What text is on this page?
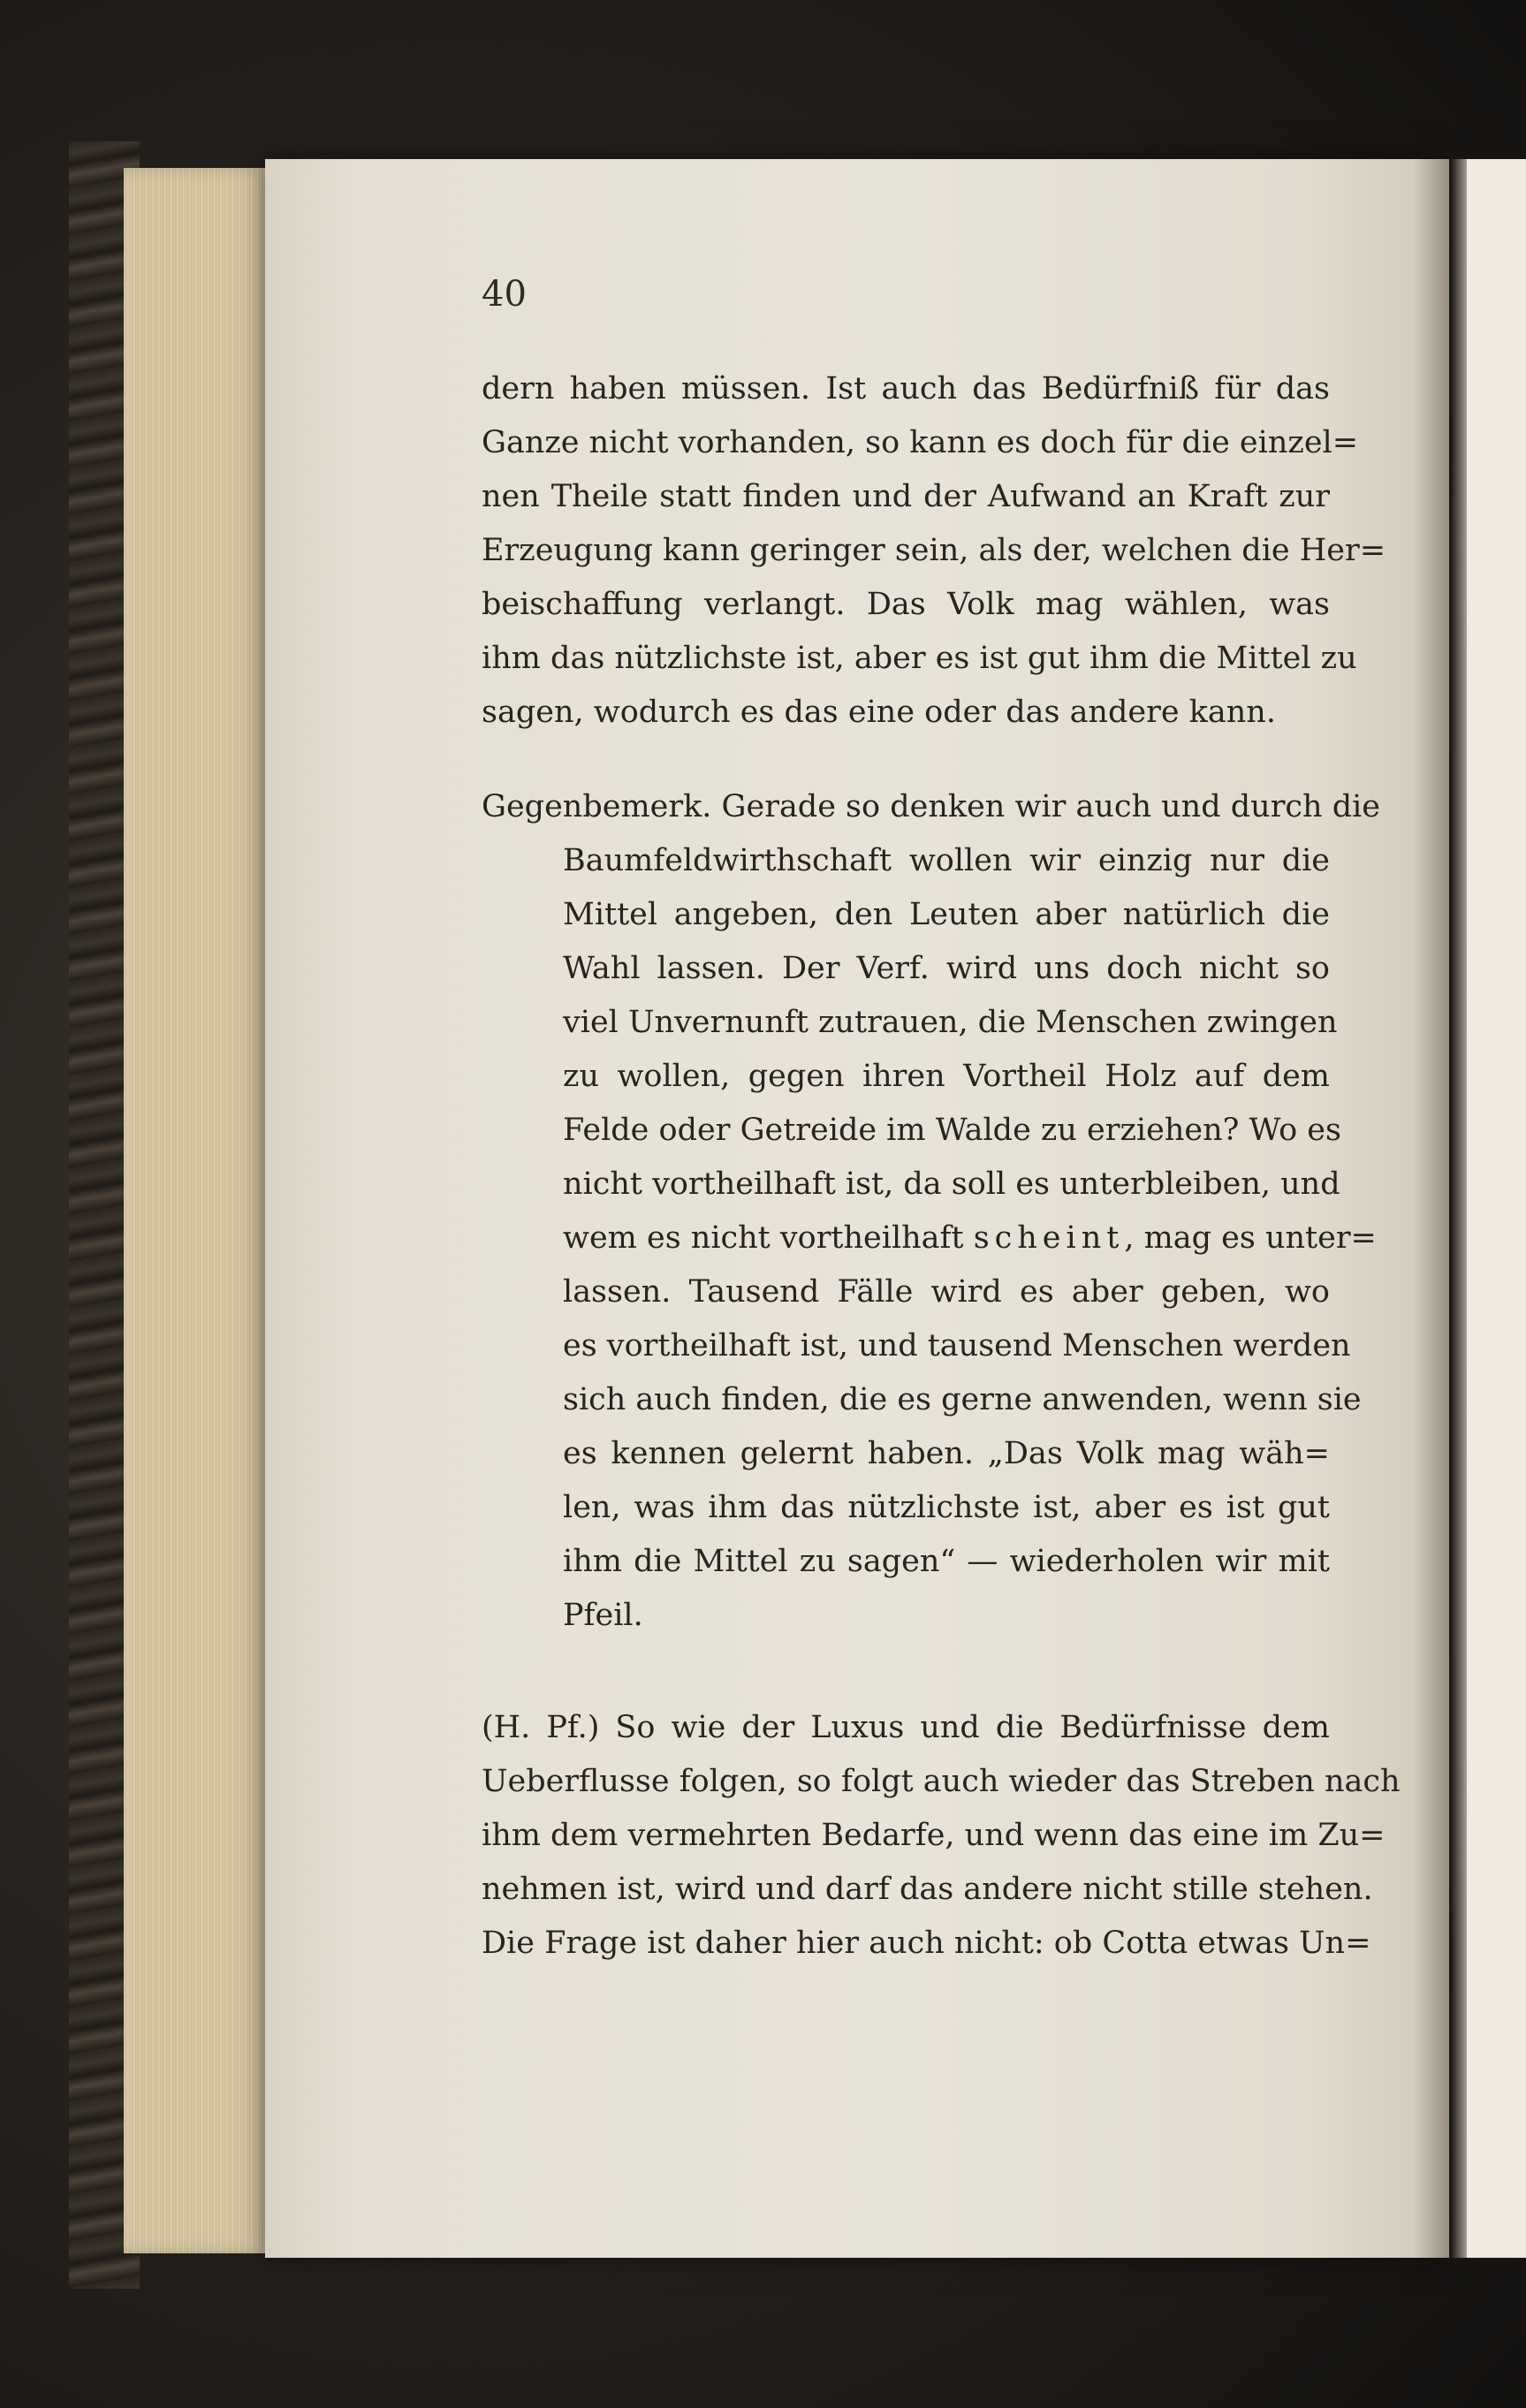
40
dern haben müssen. Ist auch das Bedürfniß für das
Ganze nicht vorhanden, so kann es doch für die einzel=
nen Theile statt finden und der Aufwand an Kraft zur
Erzeugung kann geringer sein, als der, welchen die Her=
beischaffung verlangt. Das Volk mag wählen, was
ihm das nützlichste ist, aber es ist gut ihm die Mittel zu
sagen, wodurch es das eine oder das andere kann.
Gegenbemerk. Gerade so denken wir auch und durch die
Baumfeldwirthschaft wollen wir einzig nur die
Mittel angeben, den Leuten aber natürlich die
Wahl lassen. Der Verf. wird uns doch nicht so
viel Unvernunft zutrauen, die Menschen zwingen
zu wollen, gegen ihren Vortheil Holz auf dem
Felde oder Getreide im Walde zu erziehen? Wo es
nicht vortheilhaft ist, da soll es unterbleiben, und
wem es nicht vortheilhaft scheint, mag es unter=
lassen. Tausend Fälle wird es aber geben, wo
es vortheilhaft ist, und tausend Menschen werden
sich auch finden, die es gerne anwenden, wenn sie
es kennen gelernt haben. „Das Volk mag wäh=
len, was ihm das nützlichste ist, aber es ist gut
ihm die Mittel zu sagen“ — wiederholen wir mit
Pfeil.
(H. Pf.) So wie der Luxus und die Bedürfnisse dem
Ueberflusse folgen, so folgt auch wieder das Streben nach
ihm dem vermehrten Bedarfe, und wenn das eine im Zu=
nehmen ist, wird und darf das andere nicht stille stehen.
Die Frage ist daher hier auch nicht: ob Cotta etwas Un=
